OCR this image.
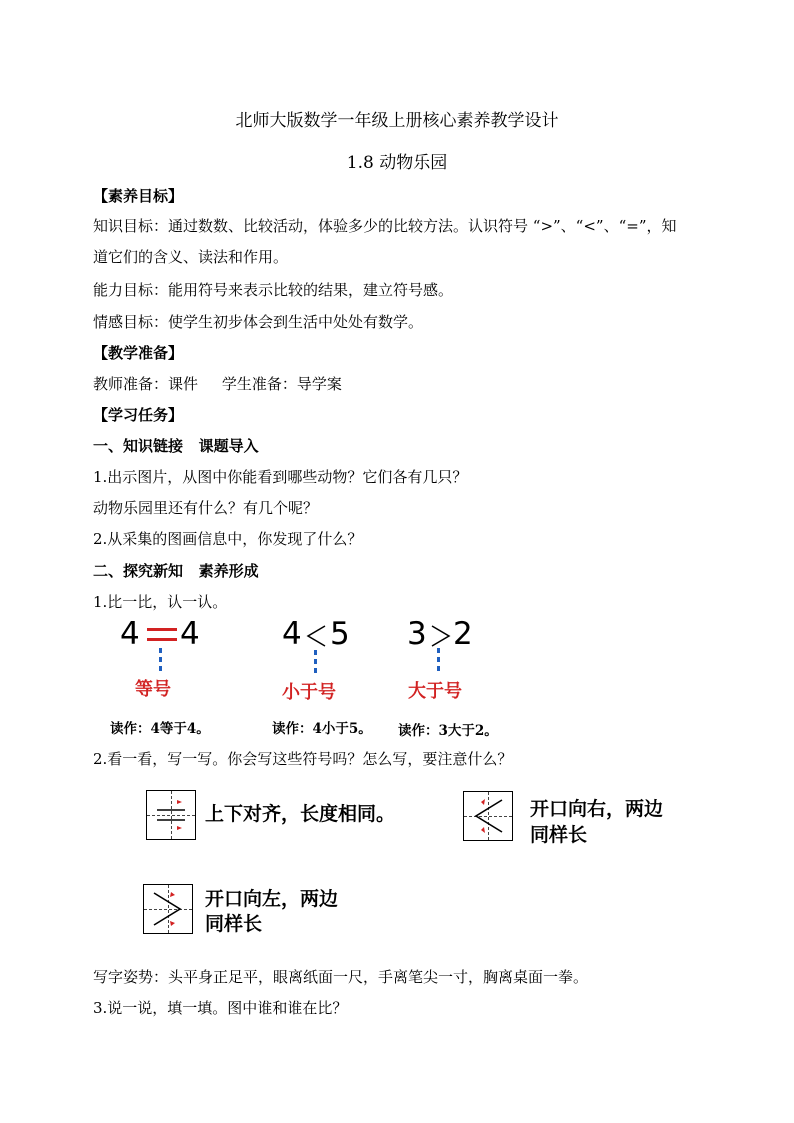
北师大版数学一年级上册核心素养教学设计
1.8 动物乐园
【素养目标】
知识目标：通过数数、比较活动，体验多少的比较方法。认识符号 “>”、“<”、“=”，知
道它们的含义、读法和作用。
能力目标：能用符号来表示比较的结果，建立符号感。
情感目标：使学生初步体会到生活中处处有数学。
【教学准备】
教师准备：课件     学生准备：导学案
【学习任务】
一、知识链接   课题导入
1.出示图片，从图中你能看到哪些动物？它们各有几只？
动物乐园里还有什么？有几个呢？
2.从采集的图画信息中，你发现了什么？
二、探究新知   素养形成
1.比一比，认一认。
4 4
等号
读作：4等于4。
4 5
小于号
读作：4小于5。
3 2
大于号
读作：3大于2。
2.看一看，写一写。你会写这些符号吗？怎么写，要注意什么？
上下对齐，长度相同。	开口向右，两边
同样长
开口向左，两边
同样长
写字姿势：头平身正足平，眼离纸面一尺，手离笔尖一寸，胸离桌面一拳。
3.说一说，填一填。图中谁和谁在比？
